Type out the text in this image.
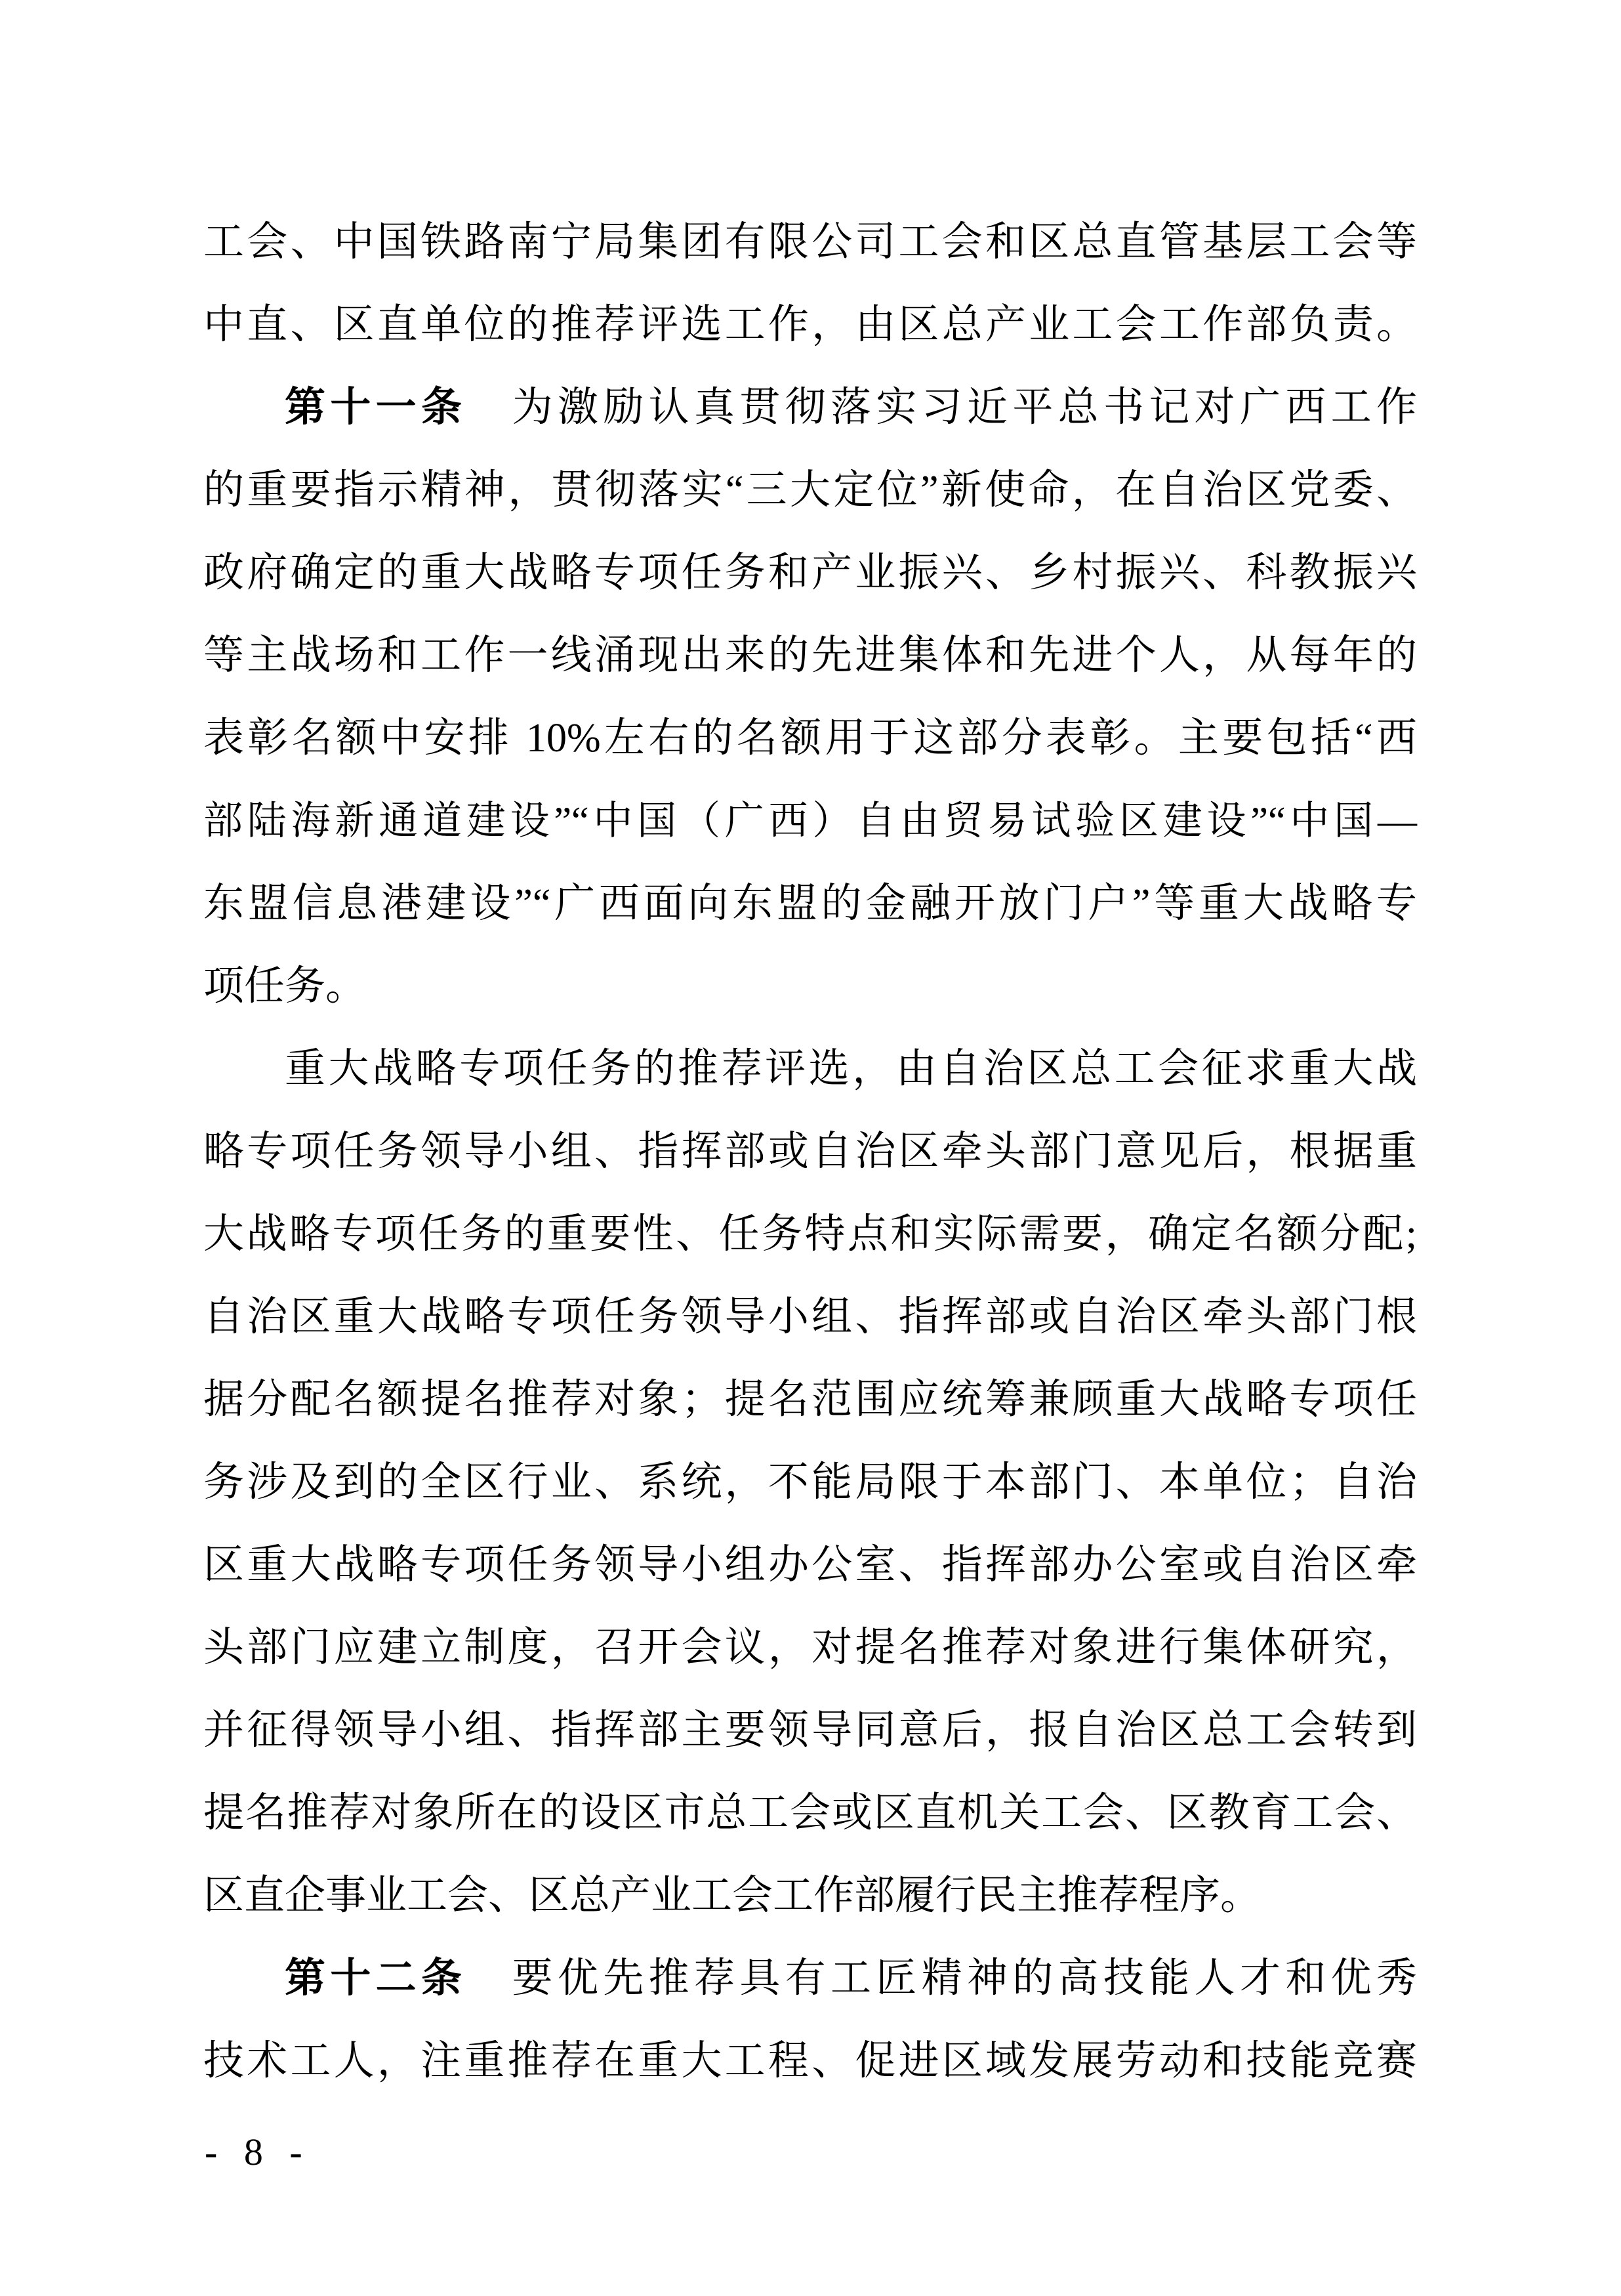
工会、中国铁路南宁局集团有限公司工会和区总直管基层工会等
中直、区直单位的推荐评选工作，由区总产业工会工作部负责。
第十一条　为激励认真贯彻落实习近平总书记对广西工作
的重要指示精神，贯彻落实“三大定位”新使命，在自治区党委、
政府确定的重大战略专项任务和产业振兴、乡村振兴、科教振兴
等主战场和工作一线涌现出来的先进集体和先进个人，从每年的
表彰名额中安排 10%左右的名额用于这部分表彰。主要包括“西
部陆海新通道建设”“中国（广西）自由贸易试验区建设”“中国—
东盟信息港建设”“广西面向东盟的金融开放门户”等重大战略专
项任务。
重大战略专项任务的推荐评选，由自治区总工会征求重大战
略专项任务领导小组、指挥部或自治区牵头部门意见后，根据重
大战略专项任务的重要性、任务特点和实际需要，确定名额分配;
自治区重大战略专项任务领导小组、指挥部或自治区牵头部门根
据分配名额提名推荐对象；提名范围应统筹兼顾重大战略专项任
务涉及到的全区行业、系统，不能局限于本部门、本单位；自治
区重大战略专项任务领导小组办公室、指挥部办公室或自治区牵
头部门应建立制度，召开会议，对提名推荐对象进行集体研究，
并征得领导小组、指挥部主要领导同意后，报自治区总工会转到
提名推荐对象所在的设区市总工会或区直机关工会、区教育工会、
区直企事业工会、区总产业工会工作部履行民主推荐程序。
第十二条　要优先推荐具有工匠精神的高技能人才和优秀
技术工人，注重推荐在重大工程、促进区域发展劳动和技能竞赛
- 8 -
